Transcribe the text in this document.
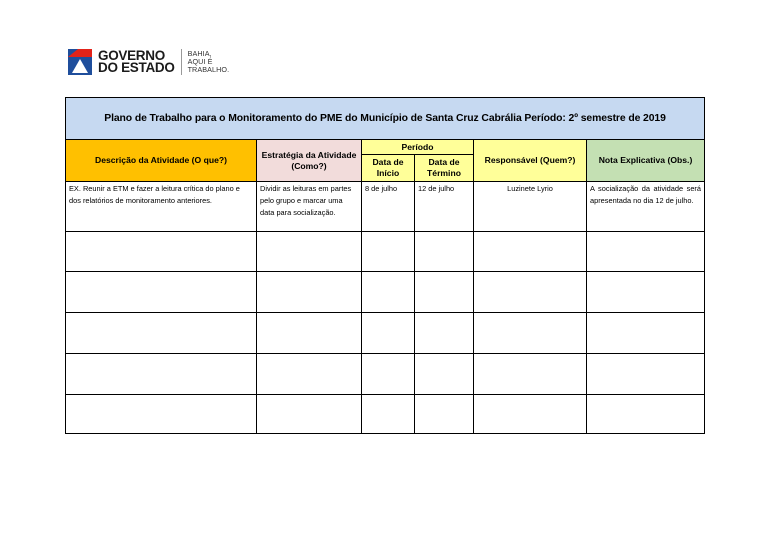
GOVERNO
DO ESTADO
BAHIA,
AQUI É
TRABALHO.
Plano de Trabalho para o Monitoramento do PME do Município de Santa Cruz Cabrália Período: 2º semestre de 2019					
Descrição da Atividade (O que?)	Estratégia da Atividade (Como?)	Período		Responsável (Quem?)	Nota Explicativa (Obs.)
		Data de Início	Data de Término		
EX. Reunir a ETM e fazer a leitura crítica do plano e dos relatórios de monitoramento anteriores.	Dividir as leituras em partes pelo grupo e marcar uma data para socialização.	8 de julho	12 de julho	Luzinete Lyrio	A socialização da atividade será apresentada no dia 12 de julho.
